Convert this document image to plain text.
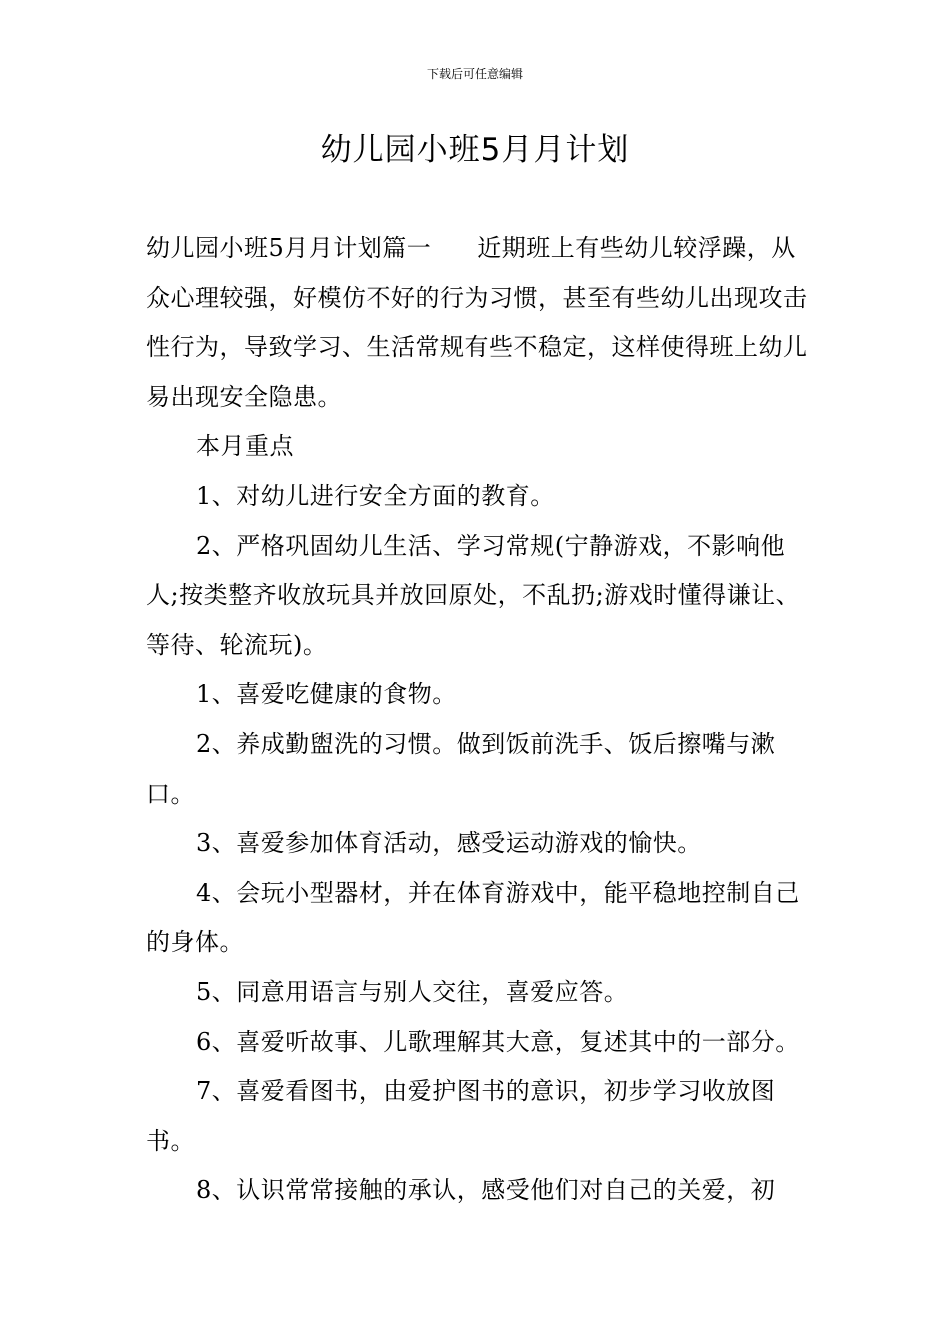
下载后可任意编辑
幼儿园小班5月月计划

幼儿园小班5月月计划篇一 近期班上有些幼儿较浮躁，从众心理较强，好模仿不好的行为习惯，甚至有些幼儿出现攻击性行为，导致学习、生活常规有些不稳定，这样使得班上幼儿易出现安全隐患。

本月重点

1、对幼儿进行安全方面的教育。

2、严格巩固幼儿生活、学习常规(宁静游戏，不影响他人;按类整齐收放玩具并放回原处，不乱扔;游戏时懂得谦让、等待、轮流玩)。

1、喜爱吃健康的食物。

2、养成勤盥洗的习惯。做到饭前洗手、饭后擦嘴与漱口。

3、喜爱参加体育活动，感受运动游戏的愉快。

4、会玩小型器材，并在体育游戏中，能平稳地控制自己的身体。

5、同意用语言与别人交往，喜爱应答。

6、喜爱听故事、儿歌理解其大意，复述其中的一部分。

7、喜爱看图书，由爱护图书的意识，初步学习收放图书。

8、认识常常接触的承认，感受他们对自己的关爱，初
